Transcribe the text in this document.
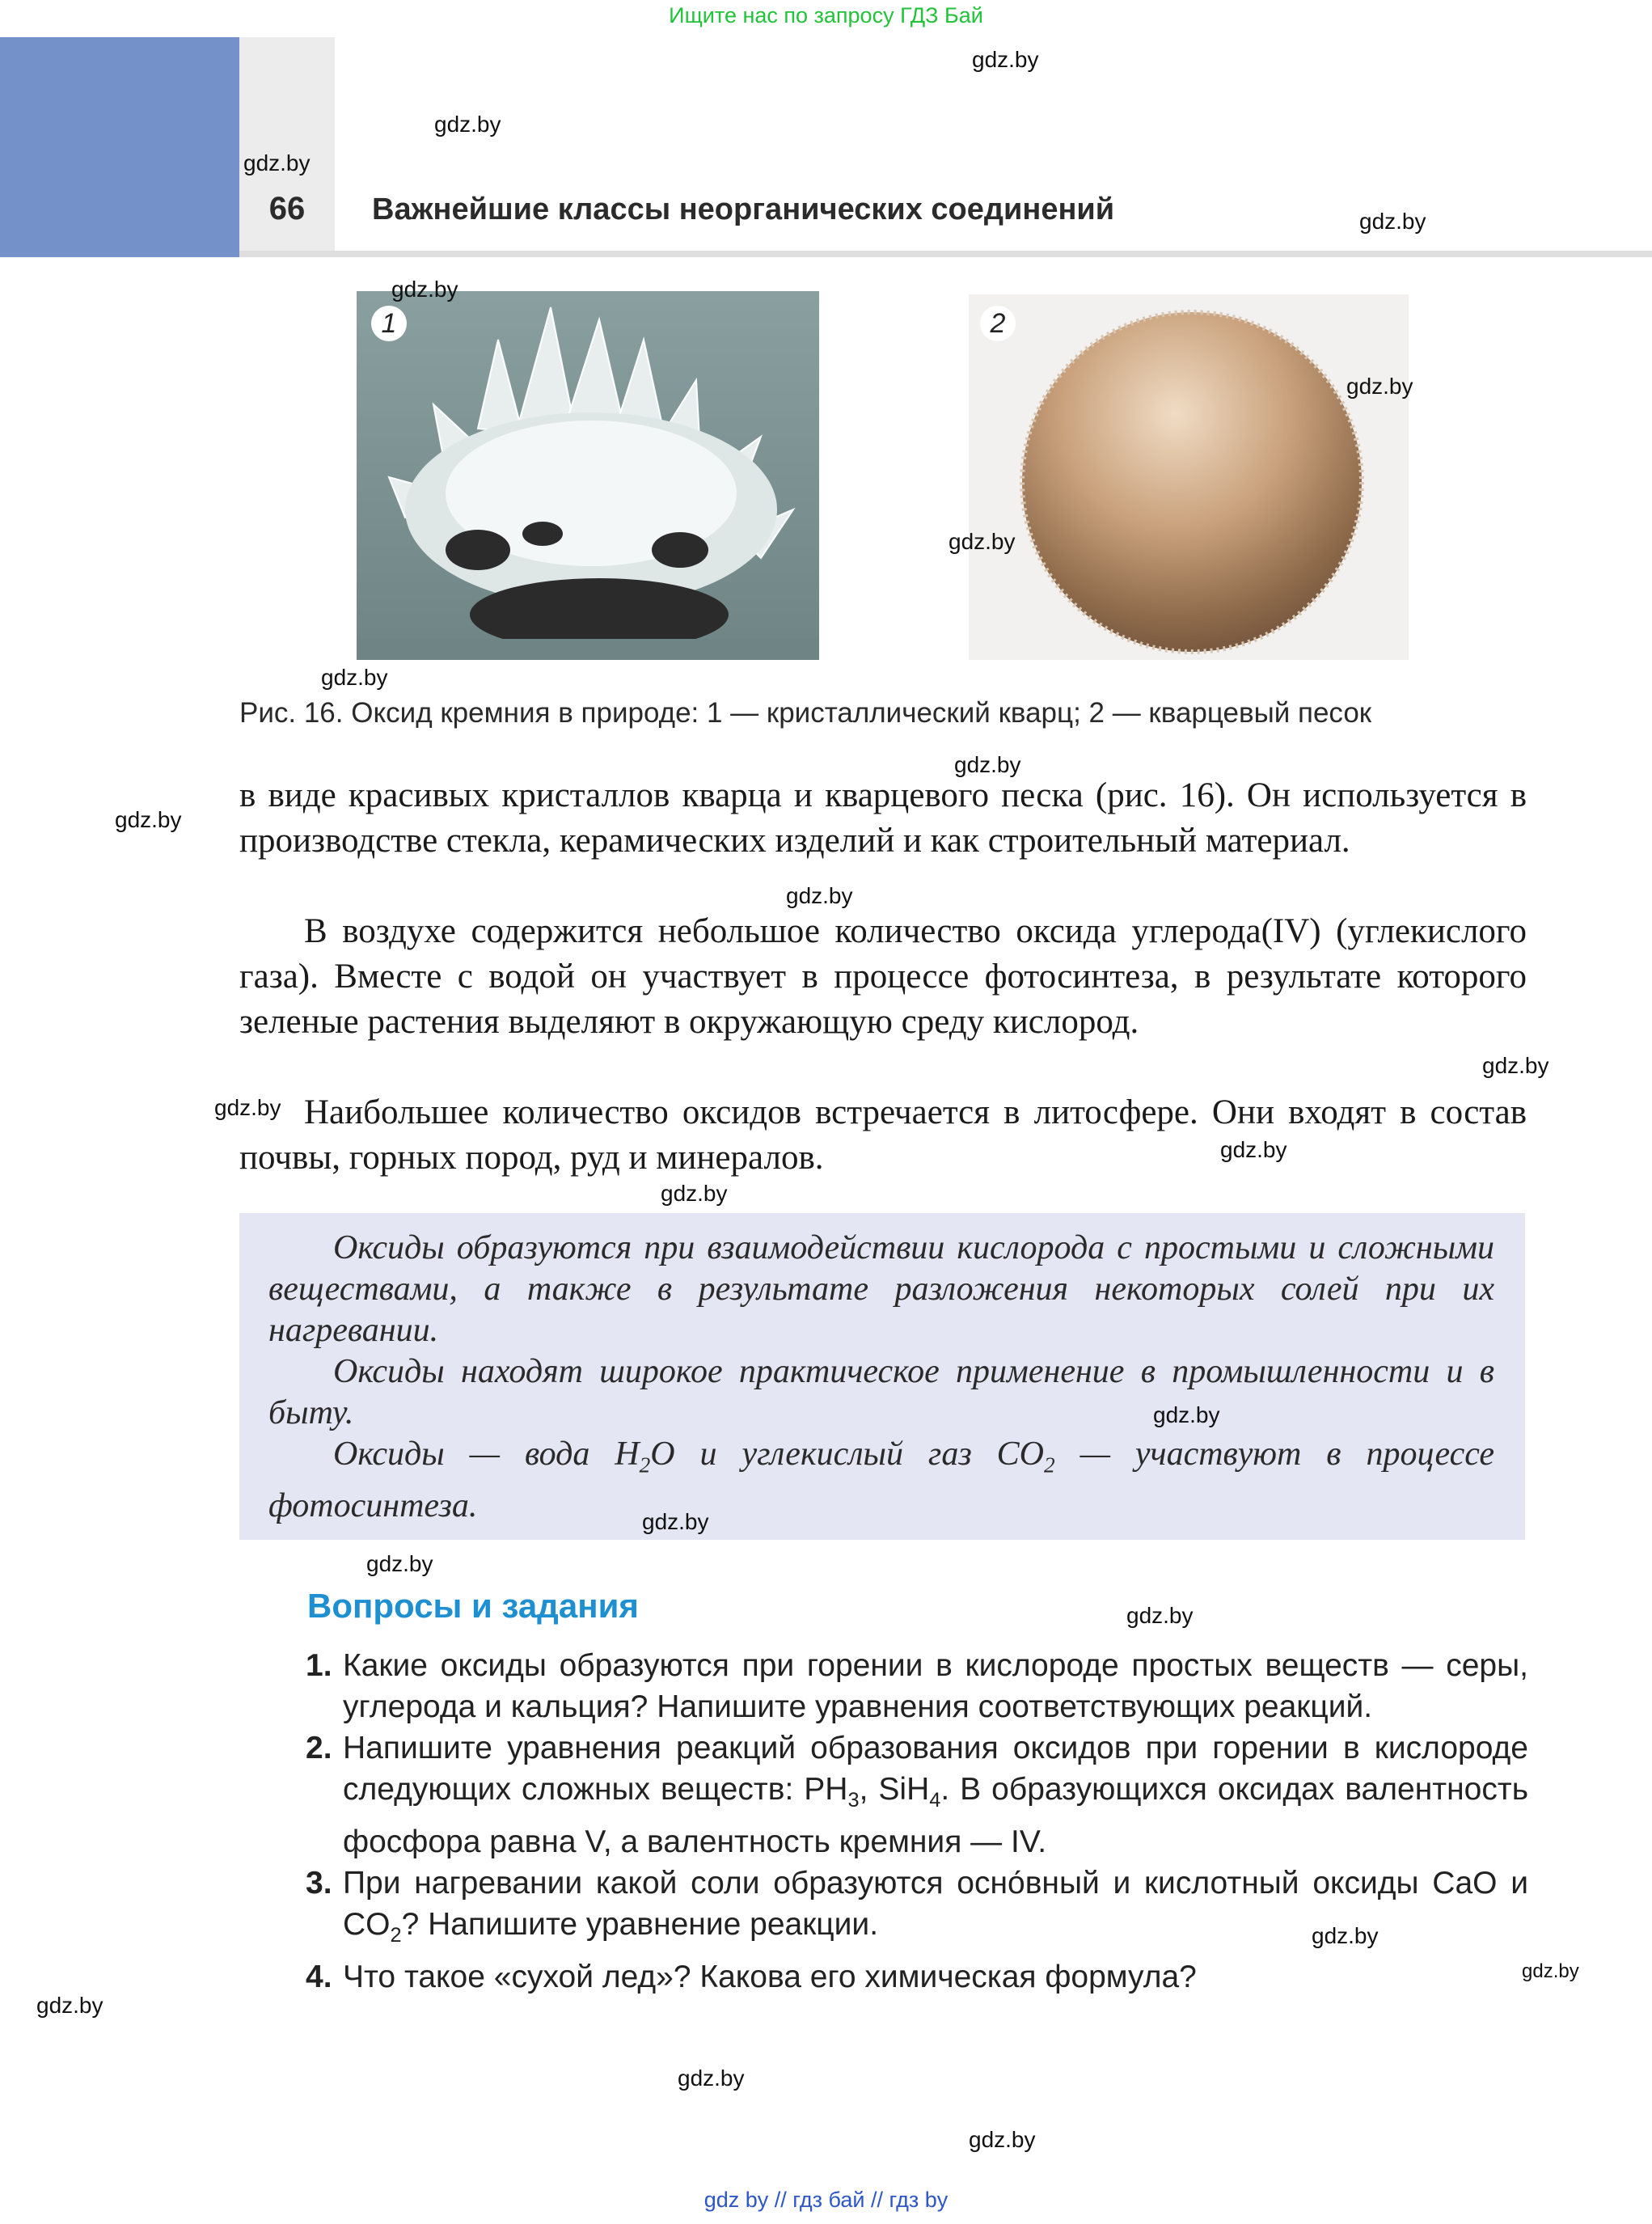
Ищите нас по запросу ГДЗ Бай
66	Важнейшие классы неорганических соединений
1	2
Рис. 16. Оксид кремния в природе: 1 — кристаллический кварц; 2 — кварцевый песок
в виде красивых кристаллов кварца и кварцевого песка (рис. 16). Он используется в производстве стекла, керамических изделий и как строительный материал.
В воздухе содержится небольшое количество оксида углерода(IV) (углекислого газа). Вместе с водой он участвует в процессе фотосинтеза, в результате которого зеленые растения выделяют в окружающую среду кислород.
Наибольшее количество оксидов встречается в литосфере. Они входят в состав почвы, горных пород, руд и минералов.

Оксиды образуются при взаимодействии кислорода с простыми и сложными веществами, а также в результате разложения некоторых солей при их нагревании.

Оксиды находят широкое практическое применение в промышленности и в быту.

Оксиды — вода $H_2O$ и углекислый газ $CO_2$ — участвуют в процессе фотосинтеза.

Вопросы и задания
1. Какие оксиды образуются при горении в кислороде простых веществ — серы, углерода и кальция? Напишите уравнения соответствующих реакций.
2. Напишите уравнения реакций образования оксидов при горении в кислороде следующих сложных веществ: $PH_3$, SiH$_4$. В образующихся оксидах валентность фосфора равна V, а валентность кремния — IV.
3. При нагревании какой соли образуются осно́вный и кислотный оксиды CaO и $CO_2$? Напишите уравнение реакции.
4. Что такое «сухой лед»? Какова его химическая формула?
gdz.by
gdz.by
gdz.by
gdz.by
gdz.by
gdz.by
gdz.by
gdz.by
gdz.by
gdz.by
gdz.by
gdz.by
gdz.by
gdz.by
gdz.by
gdz.by
gdz.by
gdz.by
gdz.by
gdz.by
gdz.by
gdz.by
gdz.by
gdz.by
gdz by // гдз бай // гдз by
